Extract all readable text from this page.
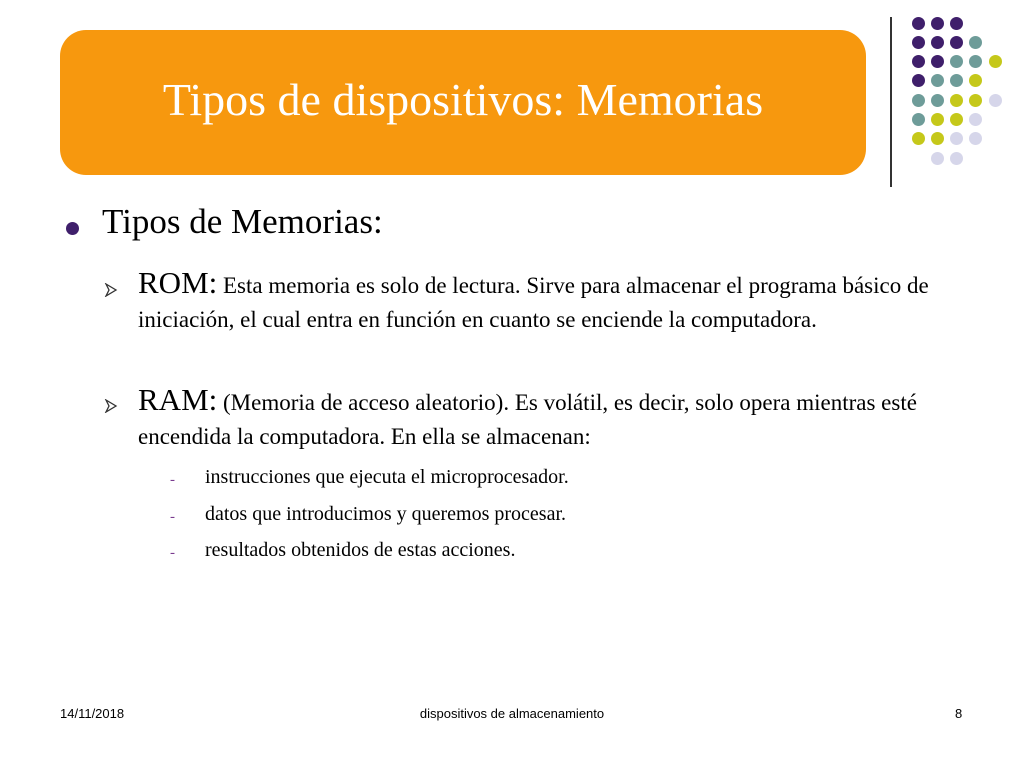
Tipos de dispositivos: Memorias
Tipos de Memorias:
ROM: Esta memoria es solo de lectura. Sirve para almacenar el programa básico de iniciación, el cual entra en función en cuanto se enciende la computadora.
RAM: (Memoria de acceso aleatorio). Es volátil, es decir, solo opera mientras esté encendida la computadora. En ella se almacenan:
- instrucciones que ejecuta el microprocesador.
- datos que introducimos y queremos procesar.
- resultados obtenidos de estas acciones.
14/11/2018	dispositivos de almacenamiento	8
